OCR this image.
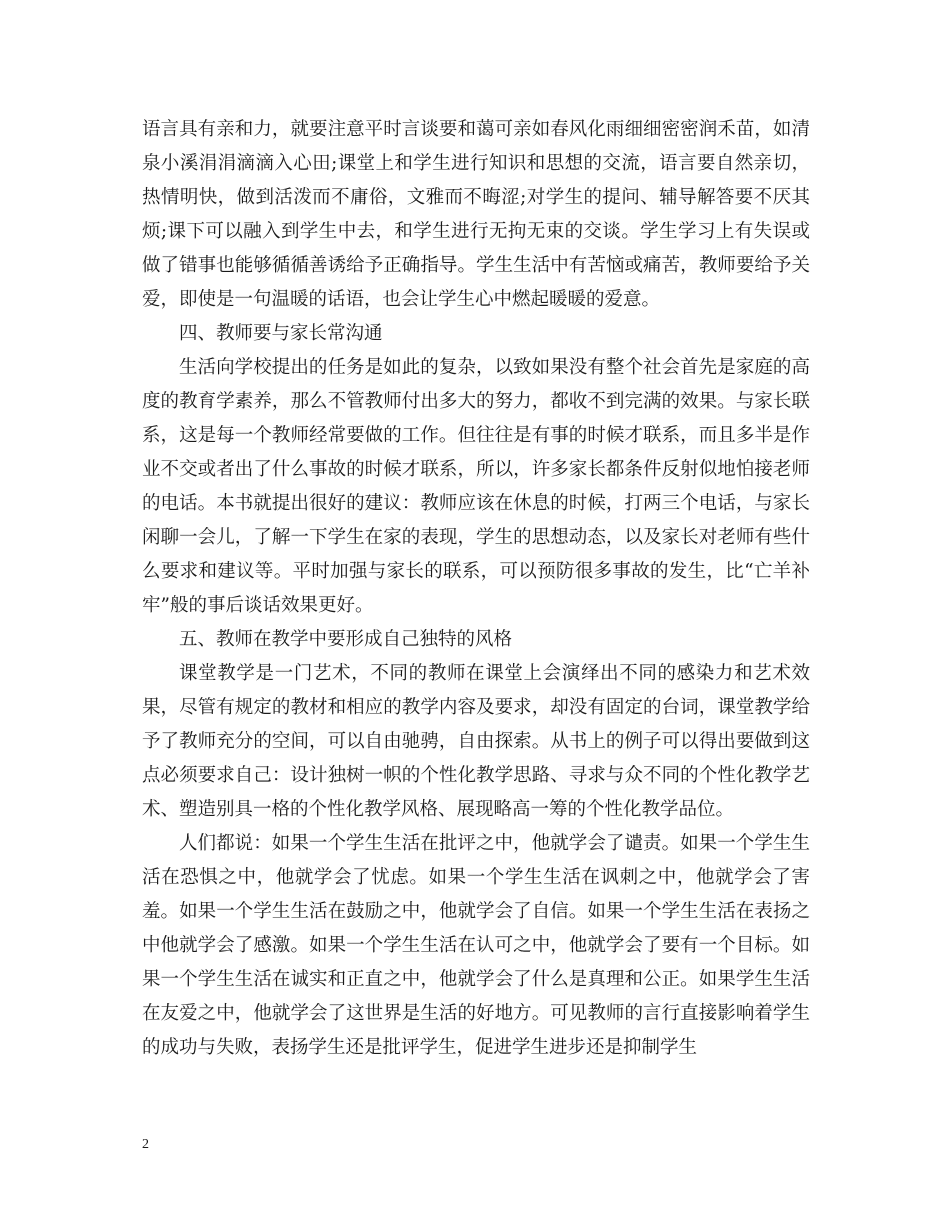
语言具有亲和力，就要注意平时言谈要和蔼可亲如春风化雨细细密密润禾苗，如清泉小溪涓涓滴滴入心田;课堂上和学生进行知识和思想的交流，语言要自然亲切，热情明快，做到活泼而不庸俗，文雅而不晦涩;对学生的提问、辅导解答要不厌其烦;课下可以融入到学生中去，和学生进行无拘无束的交谈。学生学习上有失误或做了错事也能够循循善诱给予正确指导。学生生活中有苦恼或痛苦，教师要给予关爱，即使是一句温暖的话语，也会让学生心中燃起暖暖的爱意。

四、教师要与家长常沟通

生活向学校提出的任务是如此的复杂，以致如果没有整个社会首先是家庭的高度的教育学素养，那么不管教师付出多大的努力，都收不到完满的效果。与家长联系，这是每一个教师经常要做的工作。但往往是有事的时候才联系，而且多半是作业不交或者出了什么事故的时候才联系，所以，许多家长都条件反射似地怕接老师的电话。本书就提出很好的建议：教师应该在休息的时候，打两三个电话，与家长闲聊一会儿，了解一下学生在家的表现，学生的思想动态，以及家长对老师有些什么要求和建议等。平时加强与家长的联系，可以预防很多事故的发生，比“亡羊补牢”般的事后谈话效果更好。

五、教师在教学中要形成自己独特的风格

课堂教学是一门艺术，不同的教师在课堂上会演绎出不同的感染力和艺术效果，尽管有规定的教材和相应的教学内容及要求，却没有固定的台词，课堂教学给予了教师充分的空间，可以自由驰骋，自由探索。从书上的例子可以得出要做到这点必须要求自己：设计独树一帜的个性化教学思路、寻求与众不同的个性化教学艺术、塑造别具一格的个性化教学风格、展现略高一筹的个性化教学品位。

人们都说：如果一个学生生活在批评之中，他就学会了谴责。如果一个学生生活在恐惧之中，他就学会了忧虑。如果一个学生生活在讽刺之中，他就学会了害羞。如果一个学生生活在鼓励之中，他就学会了自信。如果一个学生生活在表扬之中他就学会了感激。如果一个学生生活在认可之中，他就学会了要有一个目标。如果一个学生生活在诚实和正直之中，他就学会了什么是真理和公正。如果学生生活在友爱之中，他就学会了这世界是生活的好地方。可见教师的言行直接影响着学生的成功与失败，表扬学生还是批评学生，促进学生进步还是抑制学生

2
